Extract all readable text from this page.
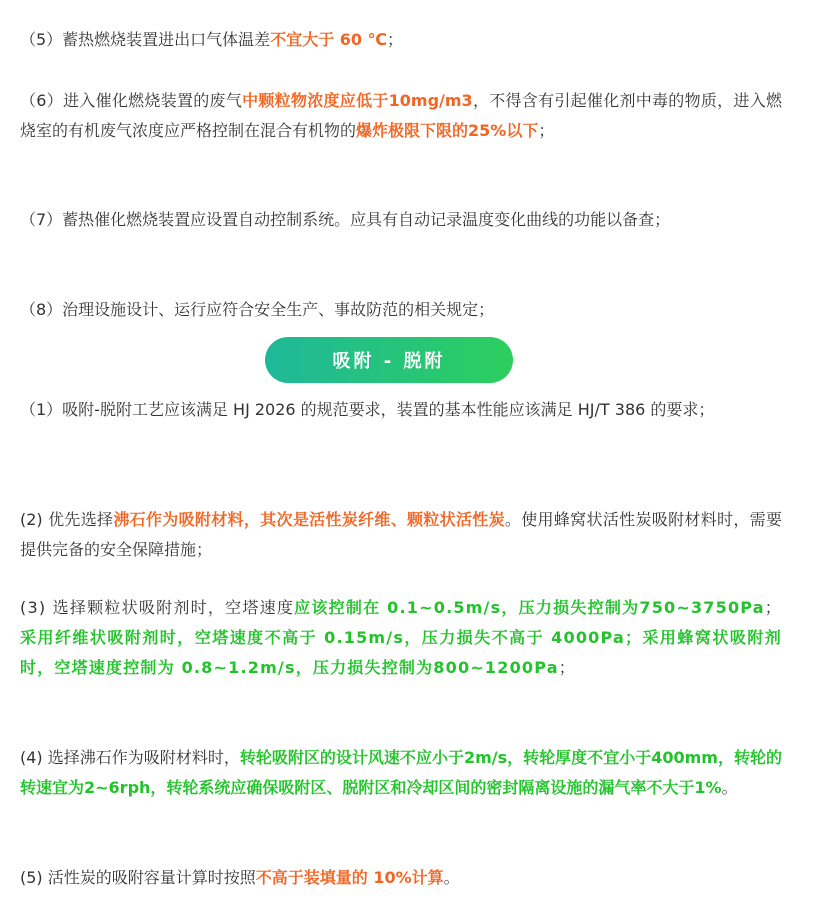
（5）蓄热燃烧装置进出口气体温差不宜大于 60 ℃；

（6）进入催化燃烧装置的废气中颗粒物浓度应低于10mg/m3，不得含有引起催化剂中毒的物质，进入燃烧室的有机废气浓度应严格控制在混合有机物的爆炸极限下限的25%以下；

（7）蓄热催化燃烧装置应设置自动控制系统。应具有自动记录温度变化曲线的功能以备查；

（8）治理设施设计、运行应符合安全生产、事故防范的相关规定；

吸附 - 脱附

（1）吸附-脱附工艺应该满足 HJ 2026 的规范要求，装置的基本性能应该满足 HJ/T 386 的要求；

(2) 优先选择沸石作为吸附材料，其次是活性炭纤维、颗粒状活性炭。使用蜂窝状活性炭吸附材料时，需要提供完备的安全保障措施；

(3) 选择颗粒状吸附剂时，空塔速度应该控制在 0.1~0.5m/s，压力损失控制为750~3750Pa；采用纤维状吸附剂时，空塔速度不高于 0.15m/s，压力损失不高于 4000Pa；采用蜂窝状吸附剂时，空塔速度控制为 0.8~1.2m/s，压力损失控制为800~1200Pa；

(4) 选择沸石作为吸附材料时，转轮吸附区的设计风速不应小于2m/s，转轮厚度不宜小于400mm，转轮的转速宜为2~6rph，转轮系统应确保吸附区、脱附区和冷却区间的密封隔离设施的漏气率不大于1%。

(5) 活性炭的吸附容量计算时按照不高于装填量的 10%计算。
